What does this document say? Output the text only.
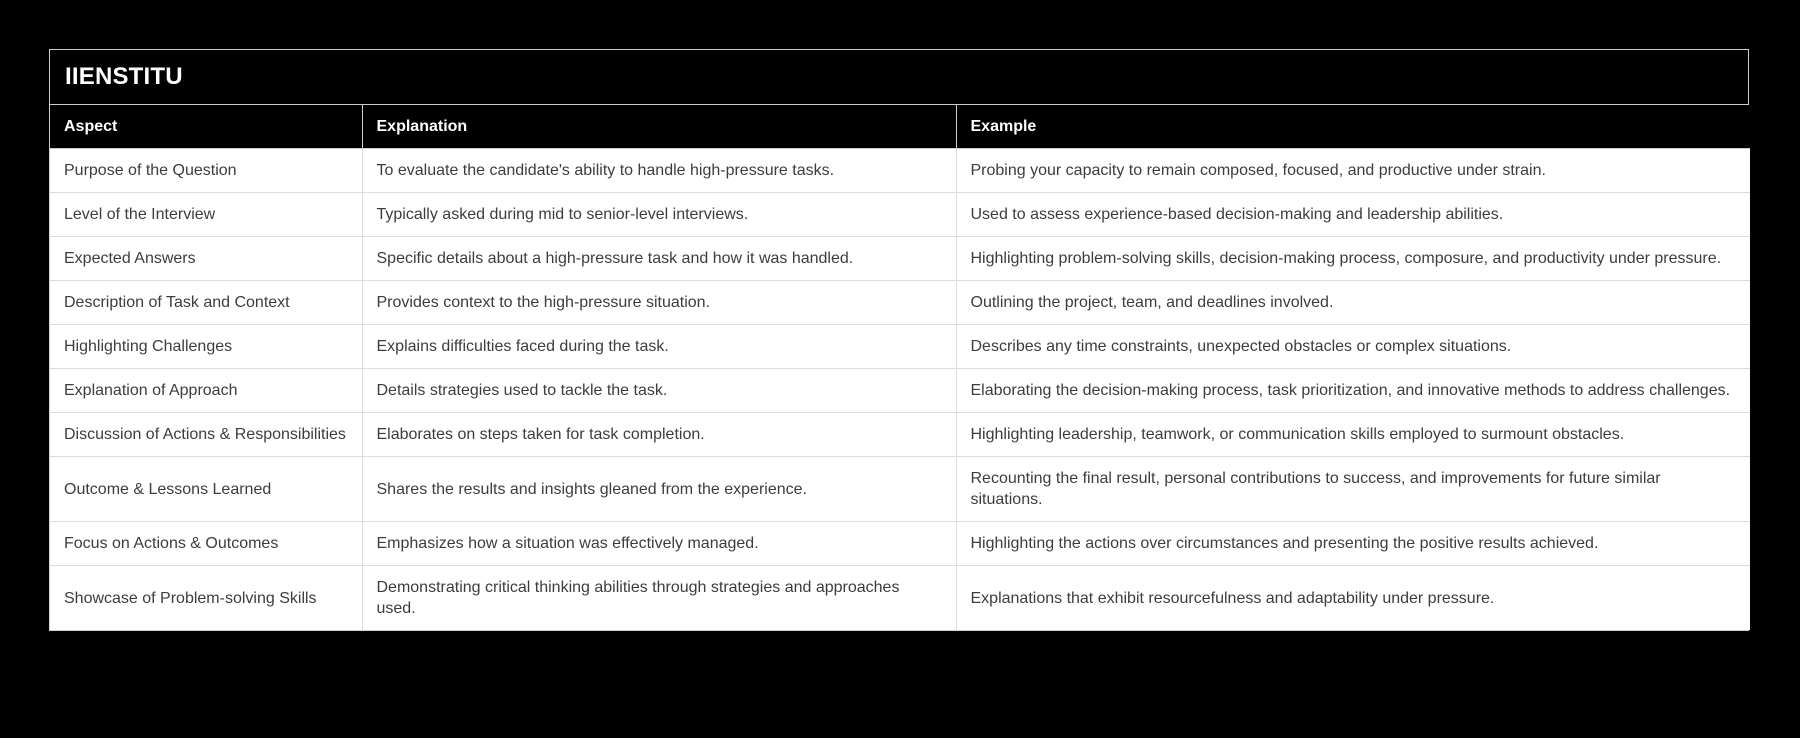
IIENSTITU
Aspect	Explanation	Example
Purpose of the Question	To evaluate the candidate's ability to handle high-pressure tasks.	Probing your capacity to remain composed, focused, and productive under strain.
Level of the Interview	Typically asked during mid to senior-level interviews.	Used to assess experience-based decision-making and leadership abilities.
Expected Answers	Specific details about a high-pressure task and how it was handled.	Highlighting problem-solving skills, decision-making process, composure, and productivity under pressure.
Description of Task and Context	Provides context to the high-pressure situation.	Outlining the project, team, and deadlines involved.
Highlighting Challenges	Explains difficulties faced during the task.	Describes any time constraints, unexpected obstacles or complex situations.
Explanation of Approach	Details strategies used to tackle the task.	Elaborating the decision-making process, task prioritization, and innovative methods to address challenges.
Discussion of Actions & Responsibilities	Elaborates on steps taken for task completion.	Highlighting leadership, teamwork, or communication skills employed to surmount obstacles.
Outcome & Lessons Learned	Shares the results and insights gleaned from the experience.	Recounting the final result, personal contributions to success, and improvements for future similar situations.
Focus on Actions & Outcomes	Emphasizes how a situation was effectively managed.	Highlighting the actions over circumstances and presenting the positive results achieved.
Showcase of Problem-solving Skills	Demonstrating critical thinking abilities through strategies and approaches used.	Explanations that exhibit resourcefulness and adaptability under pressure.
